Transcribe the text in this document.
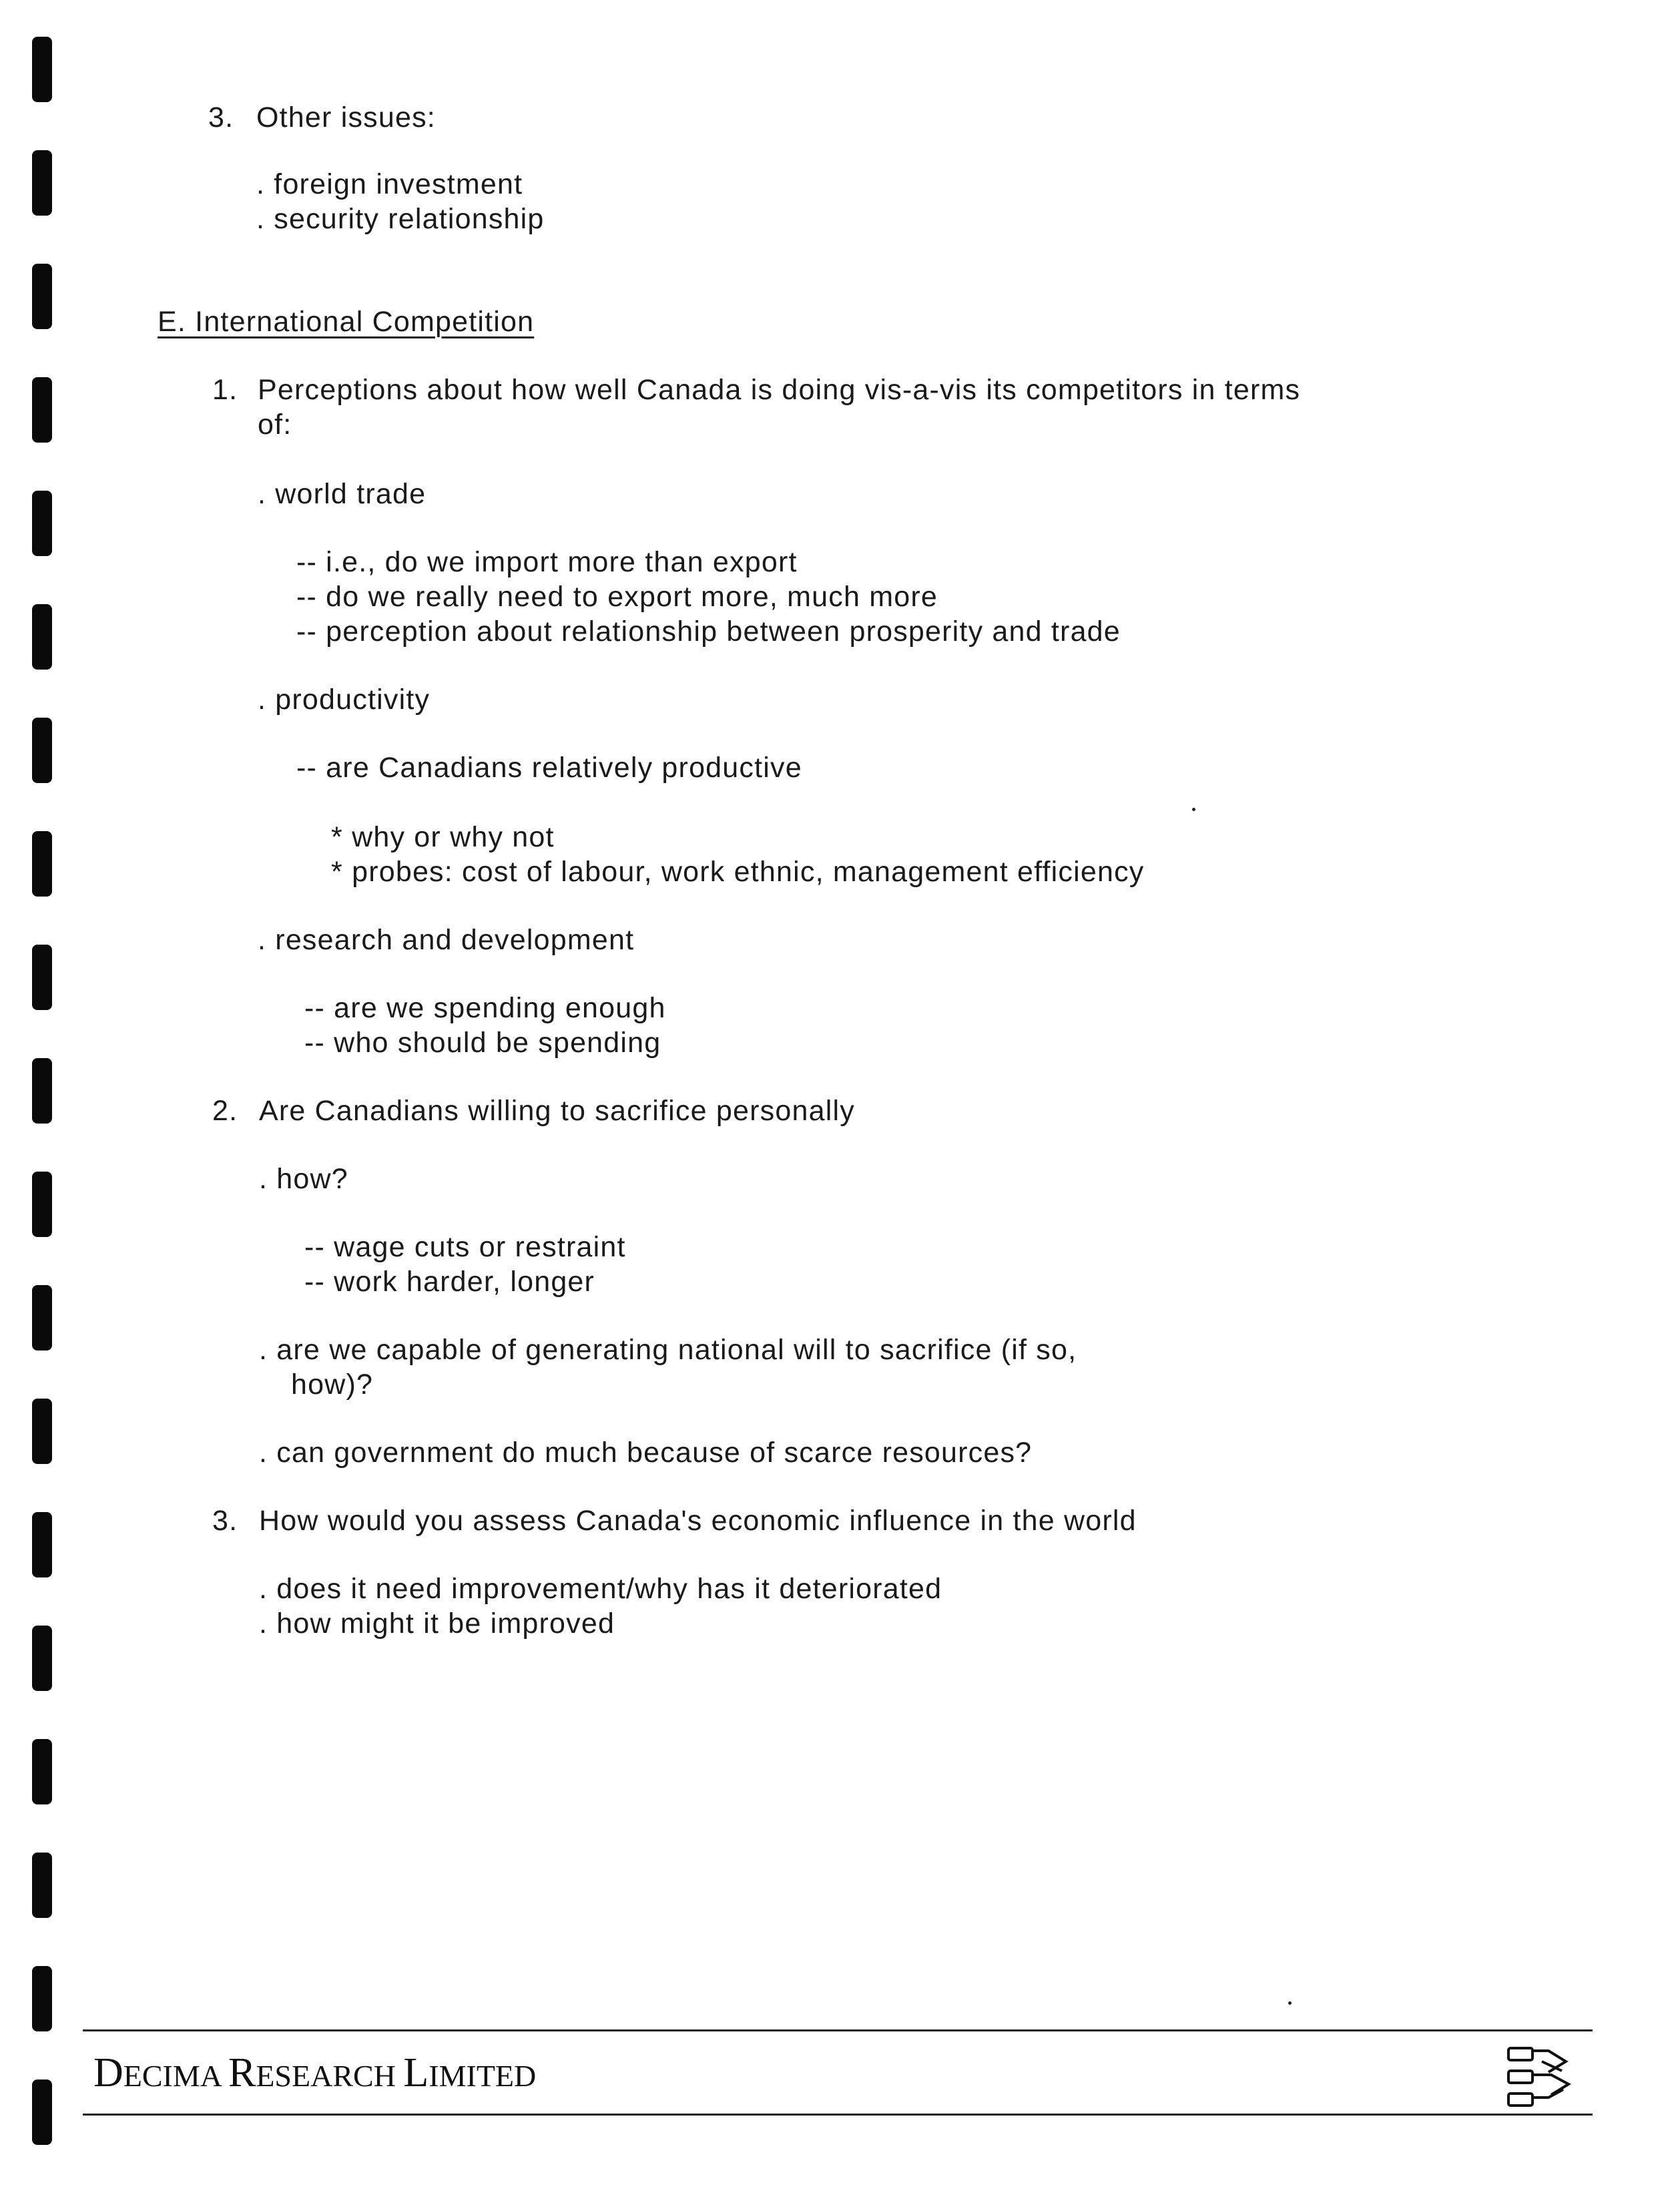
3. Other issues:
. foreign investment
. security relationship
E. International Competition
1. Perceptions about how well Canada is doing vis-a-vis its competitors in terms
of:
. world trade
-- i.e., do we import more than export
-- do we really need to export more, much more
-- perception about relationship between prosperity and trade
. productivity
-- are Canadians relatively productive
* why or why not
* probes: cost of labour, work ethnic, management efficiency
. research and development
-- are we spending enough
-- who should be spending
2. Are Canadians willing to sacrifice personally
. how?
-- wage cuts or restraint
-- work harder, longer
. are we capable of generating national will to sacrifice (if so,
how)?
. can government do much because of scarce resources?
3. How would you assess Canada's economic influence in the world
. does it need improvement/why has it deteriorated
. how might it be improved
DECIMA RESEARCH LIMITED
